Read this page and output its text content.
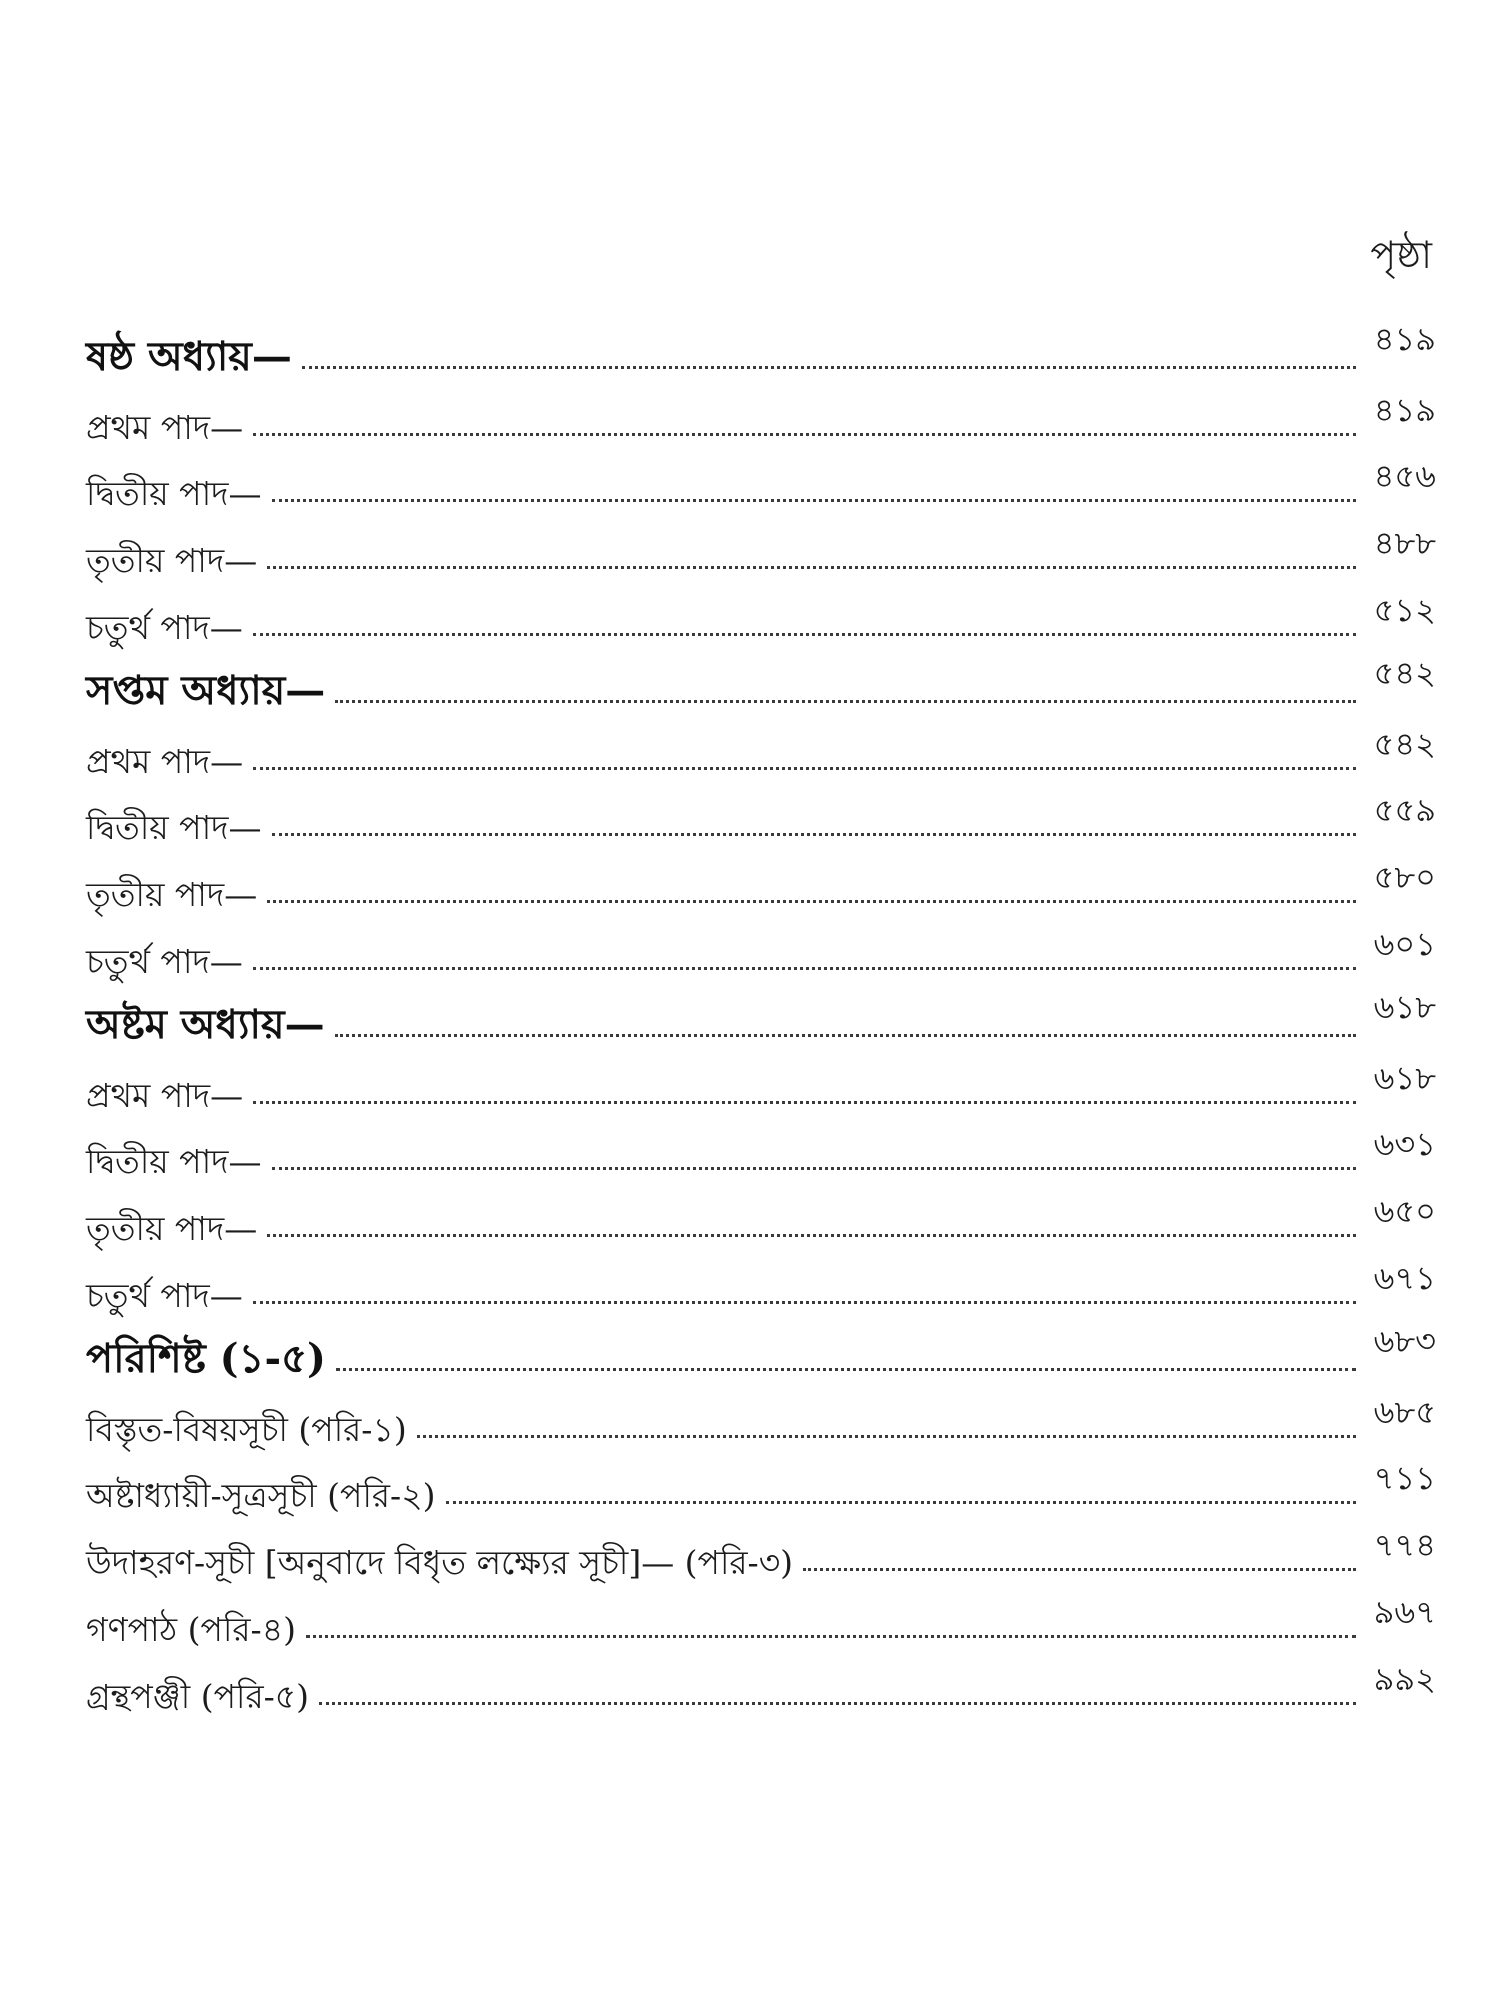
পৃষ্ঠা
ষষ্ঠ অধ্যায়—	৪১৯
প্রথম পাদ—	৪১৯
দ্বিতীয় পাদ—	৪৫৬
তৃতীয় পাদ—	৪৮৮
চতুর্থ পাদ—	৫১২
সপ্তম অধ্যায়—	৫৪২
প্রথম পাদ—	৫৪২
দ্বিতীয় পাদ—	৫৫৯
তৃতীয় পাদ—	৫৮০
চতুর্থ পাদ—	৬০১
অষ্টম অধ্যায়—	৬১৮
প্রথম পাদ—	৬১৮
দ্বিতীয় পাদ—	৬৩১
তৃতীয় পাদ—	৬৫০
চতুর্থ পাদ—	৬৭১
পরিশিষ্ট (১-৫)	৬৮৩
বিস্তৃত-বিষয়সূচী (পরি-১)	৬৮৫
অষ্টাধ্যায়ী-সূত্রসূচী (পরি-২)	৭১১
উদাহরণ-সূচী [অনুবাদে বিধৃত লক্ষ্যের সূচী]— (পরি-৩)	৭৭৪
গণপাঠ (পরি-৪)	৯৬৭
গ্রন্থপঞ্জী (পরি-৫)	৯৯২
